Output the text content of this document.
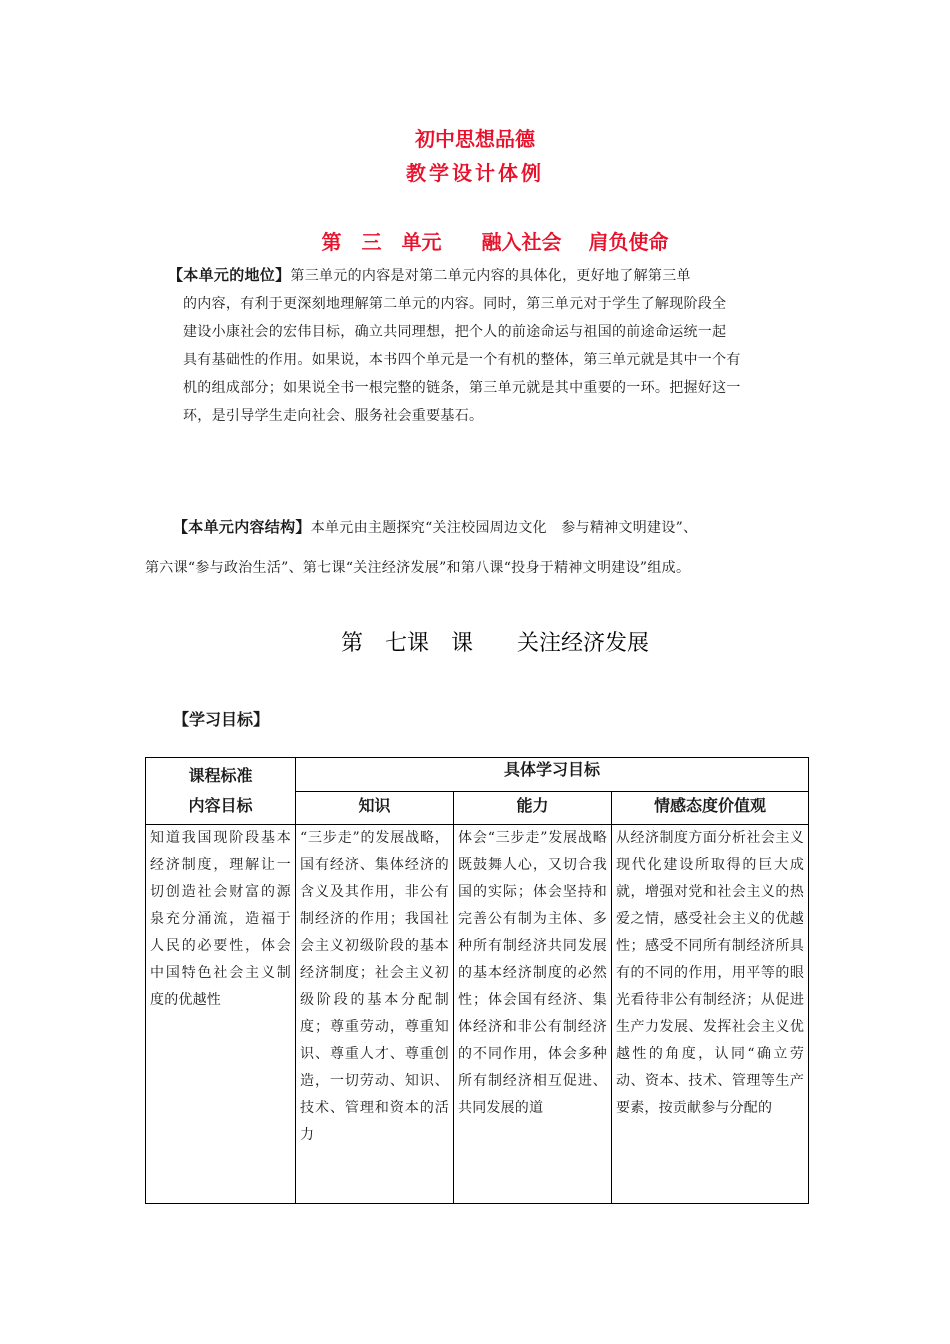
初中思想品德
教学设计体例
第　三　单元　　融入社会　 肩负使命
【本单元的地位】第三单元的内容是对第二单元内容的具体化，更好地了解第三单
的内容，有利于更深刻地理解第二单元的内容。同时，第三单元对于学生了解现阶段全
建设小康社会的宏伟目标，确立共同理想，把个人的前途命运与祖国的前途命运统一起
具有基础性的作用。如果说，本书四个单元是一个有机的整体，第三单元就是其中一个有
机的组成部分；如果说全书一根完整的链条，第三单元就是其中重要的一环。把握好这一
环，是引导学生走向社会、服务社会重要基石。
【本单元内容结构】本单元由主题探究“关注校园周边文化　参与精神文明建设”、
第六课“参与政治生活”、第七课“关注经济发展”和第八课“投身于精神文明建设”组成。
第　七课　课　　关注经济发展
【学习目标】
课程标准
内容目标	具体学习目标		

	知识	能力	情感态度价值观

知道我国现阶段基本经济制度，理解让一切创造社会财富的源泉充分涌流，造福于人民的必要性，体会中国特色社会主义制度的优越性	“三步走”的发展战略，国有经济、集体经济的含义及其作用，非公有制经济的作用；我国社会主义初级阶段的基本经济制度；社会主义初级阶段的基本分配制度；尊重劳动，尊重知识、尊重人才、尊重创造，一切劳动、知识、技术、管理和资本的活力	体会“三步走”发展战略既鼓舞人心，又切合我国的实际；体会坚持和完善公有制为主体、多种所有制经济共同发展的基本经济制度的必然性；体会国有经济、集体经济和非公有制经济的不同作用，体会多种所有制经济相互促进、共同发展的道	从经济制度方面分析社会主义现代化建设所取得的巨大成就，增强对党和社会主义的热爱之情，感受社会主义的优越性；感受不同所有制经济所具有的不同的作用，用平等的眼光看待非公有制经济；从促进生产力发展、发挥社会主义优越性的角度，认同“确立劳动、资本、技术、管理等生产要素，按贡献参与分配的
